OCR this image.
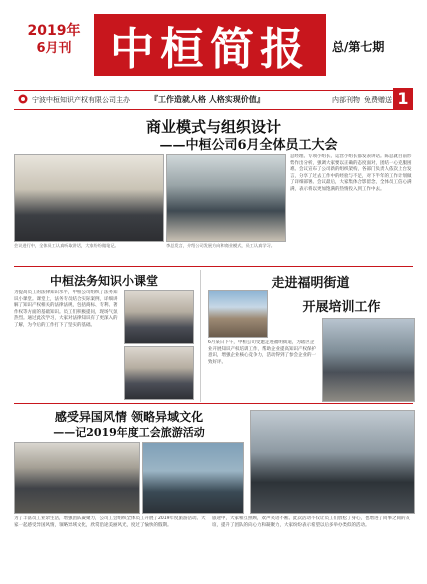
2019年
6月刊 中桓简报	总/第七期
宁波中桓知识产权有限公司主办	『工作造就人格 人格实现价值』	内部刊物 免费赠送 1
商业模式与组织设计
——中桓公司6月全体员工大会
会议进行中，全体员工认真听取讲话，大家纷纷做笔记。	李总发言，介绍公司发展方向和商业模式，员工认真学习。
总经理、专项小组长、运营小组长都发表讲话。陈总就目前形势作出分析，强调大家要以正确的态度面对，团结一心克服困难。会议宣布了公司新的组织架构，各部门负责人依次上台发言，分享了过去工作中的经验与不足，对下半年的工作计划做了详细部署。会议最后，大家集体合影留念，全体员工信心满满，表示将以更加饱满的热情投入到工作中去。
中桓法务知识小课堂
为提高员工的法律知识水平，中桓公司组织了法务知识小课堂。课堂上，法务专员结合实际案例，详细讲解了知识产权相关的法律法规，包括商标、专利、著作权等方面的基础知识。员工们积极提问，现场气氛热烈。通过此次学习，大家对法律知识有了更深入的了解，为今后的工作打下了坚实的基础。
走进福明街道
开展培训工作
6月某日下午，中桓公司受邀走进福明街道，为辖区企业开展知识产权培训工作，帮助企业提高知识产权保护意识，增强企业核心竞争力，活动得到了参会企业的一致好评。
感受异国风情 领略异域文化
——记2019年度工会旅游活动
为了丰富员工业余生活，增强团队凝聚力，公司工会组织全体员工开展了2019年度旅游活动。大家一起感受异国风情，领略异域文化，欣赏沿途美丽风光，度过了愉快的假期。
旅途中，大家相互照顾，欢声笑语不断。此次活动不仅让员工们放松了身心，也增进了同事之间的友谊，提升了团队的向心力和凝聚力，大家纷纷表示希望以后多举办类似的活动。
